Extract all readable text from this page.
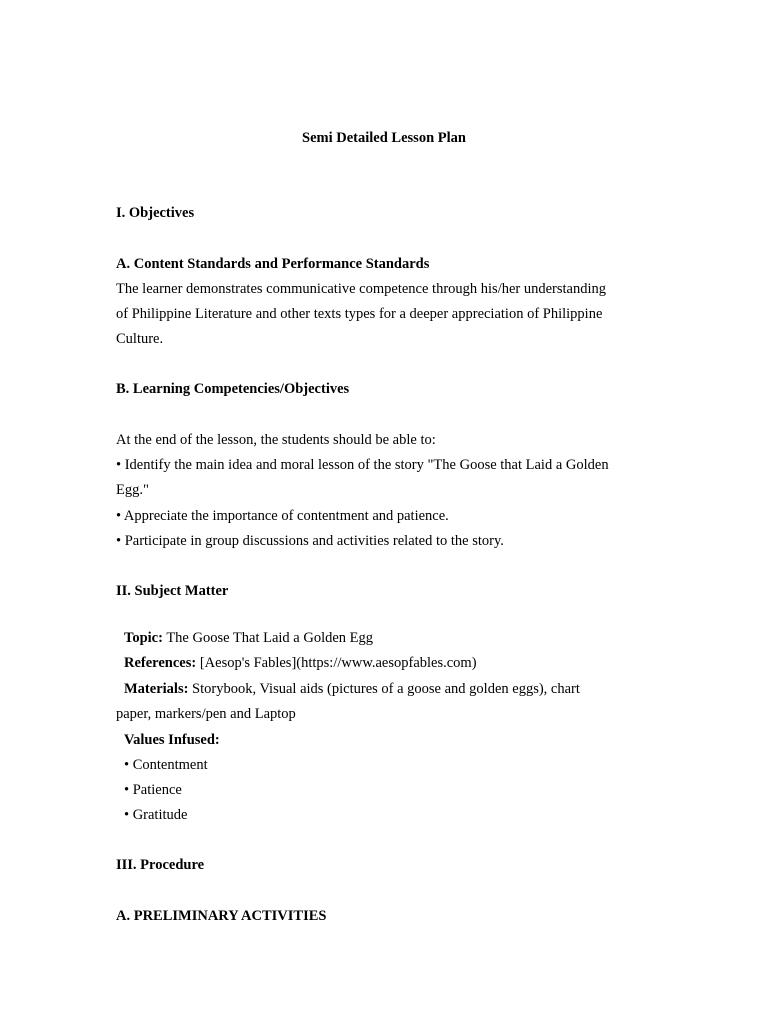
Semi Detailed Lesson Plan
I. Objectives
A. Content Standards and Performance Standards
The learner demonstrates communicative competence through his/her understanding
of Philippine Literature and other texts types for a deeper appreciation of Philippine
Culture.
B. Learning Competencies/Objectives
At the end of the lesson, the students should be able to:
• Identify the main idea and moral lesson of the story "The Goose that Laid a Golden
Egg."
• Appreciate the importance of contentment and patience.
• Participate in group discussions and activities related to the story.
II. Subject Matter
Topic: The Goose That Laid a Golden Egg
References: [Aesop's Fables](https://www.aesopfables.com)
Materials: Storybook, Visual aids (pictures of a goose and golden eggs), chart
paper, markers/pen and Laptop
Values Infused:
• Contentment
• Patience
• Gratitude
III. Procedure
A. PRELIMINARY ACTIVITIES
